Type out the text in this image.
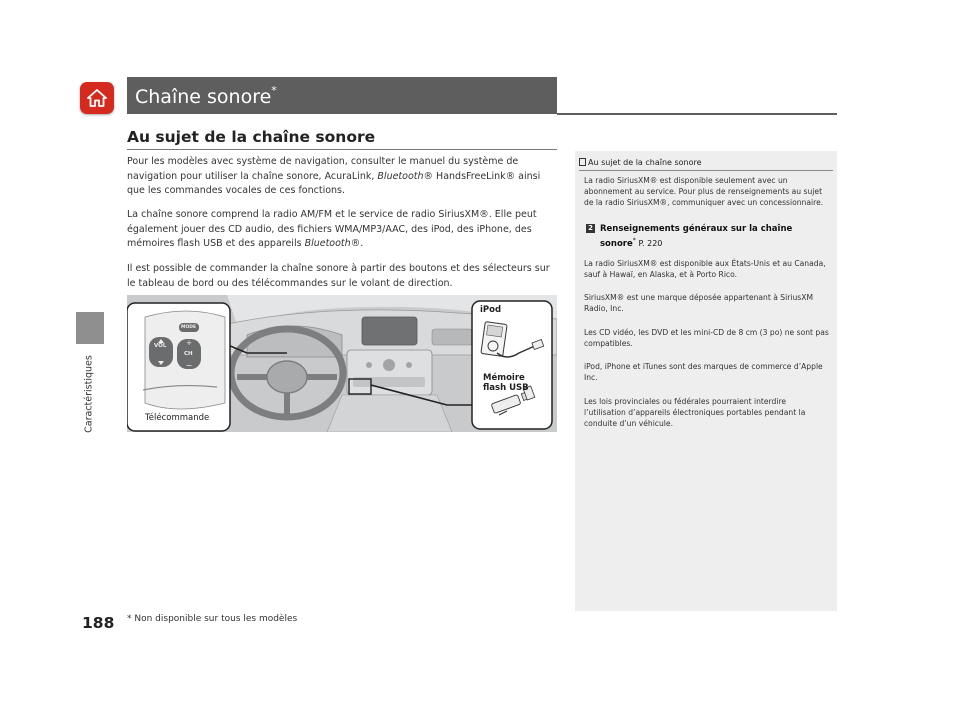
Caractéristiques
Chaîne sonore*
Au sujet de la chaîne sonore
Pour les modèles avec système de navigation, consulter le manuel du système de navigation pour utiliser la chaîne sonore, AcuraLink, Bluetooth® HandsFreeLink® ainsi que les commandes vocales de ces fonctions.
La chaîne sonore comprend la radio AM/FM et le service de radio SiriusXM®. Elle peut également jouer des CD audio, des fichiers WMA/MP3/AAC, des iPod, des iPhone, des mémoires flash USB et des appareils Bluetooth®.
Il est possible de commander la chaîne sonore à partir des boutons et des sélecteurs sur le tableau de bord ou des télécommandes sur le volant de direction.
+
−
VOL
CH
MODE
Télécommande
iPod
Mémoire
flash USB
Au sujet de la chaîne sonore
La radio SiriusXM® est disponible seulement avec un abonnement au service. Pour plus de renseignements au sujet de la radio SiriusXM®, communiquer avec un concessionnaire.
2 Renseignements généraux sur la chaîne sonore* P. 220
La radio SiriusXM® est disponible aux États-Unis et au Canada, sauf à Hawaï, en Alaska, et à Porto Rico.
SiriusXM® est une marque déposée appartenant à SiriusXM Radio, Inc.
Les CD vidéo, les DVD et les mini-CD de 8 cm (3 po) ne sont pas compatibles.
iPod, iPhone et iTunes sont des marques de commerce d’Apple Inc.
Les lois provinciales ou fédérales pourraient interdire l’utilisation d’appareils électroniques portables pendant la conduite d’un véhicule.
188 * Non disponible sur tous les modèles
